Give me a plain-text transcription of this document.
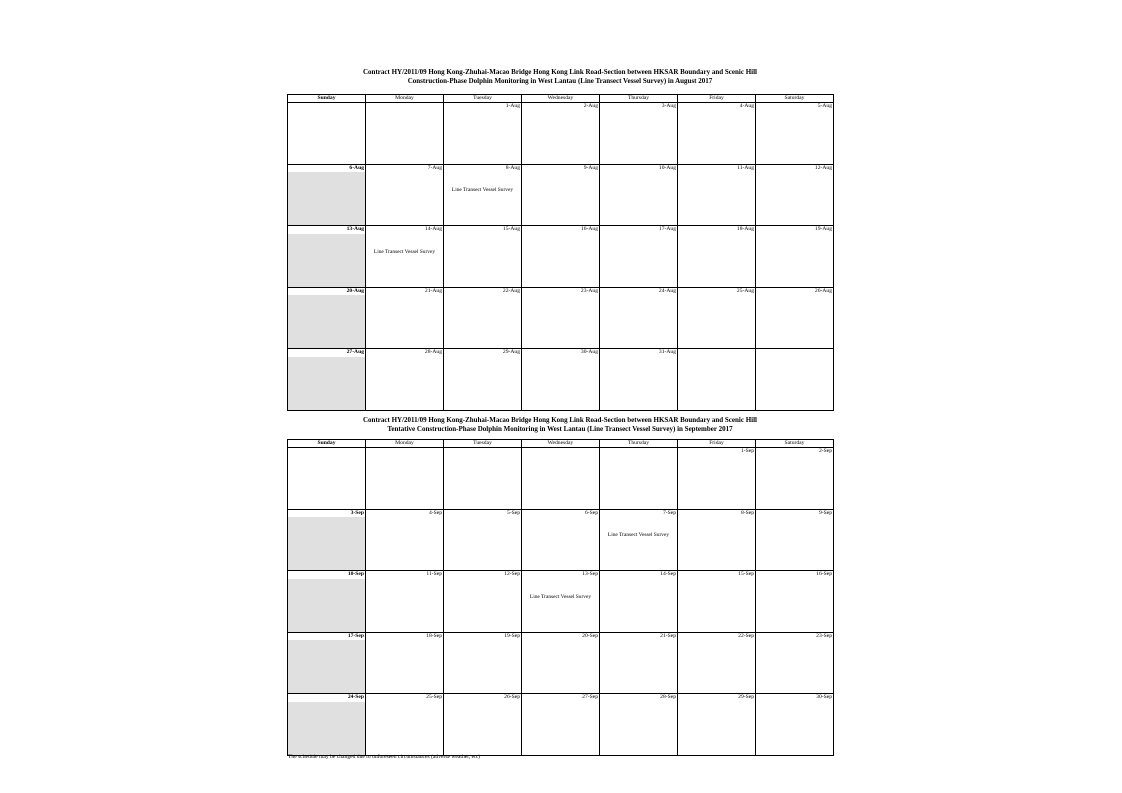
Contract HY/2011/09 Hong Kong-Zhuhai-Macao Bridge Hong Kong Link Road-Section between HKSAR Boundary and Scenic Hill
Construction-Phase Dolphin Monitoring in West Lantau (Line Transect Vessel Survey) in August 2017
Sunday	Monday	Tuesday	Wednesday	Thursday	Friday	Saturday
		1-Aug	2-Aug	3-Aug	4-Aug	5-Aug

6-Aug	7-Aug	8-Aug	9-Aug	10-Aug	11-Aug	12-Aug

		Line Transect Vessel Survey				

13-Aug	14-Aug	15-Aug	16-Aug	17-Aug	18-Aug	19-Aug

	Line Transect Vessel Survey					

20-Aug	21-Aug	22-Aug	23-Aug	24-Aug	25-Aug	26-Aug

27-Aug	28-Aug	29-Aug	30-Aug	31-Aug		

Contract HY/2011/09 Hong Kong-Zhuhai-Macao Bridge Hong Kong Link Road-Section between HKSAR Boundary and Scenic Hill
Tentative Construction-Phase Dolphin Monitoring in West Lantau (Line Transect Vessel Survey) in September 2017
Sunday	Monday	Tuesday	Wednesday	Thursday	Friday	Saturday
					1-Sep	2-Sep

3-Sep	4-Sep	5-Sep	6-Sep	7-Sep	8-Sep	9-Sep

				Line Transect Vessel Survey		

10-Sep	11-Sep	12-Sep	13-Sep	14-Sep	15-Sep	16-Sep

			Line Transect Vessel Survey			

17-Sep	18-Sep	19-Sep	20-Sep	21-Sep	22-Sep	23-Sep

24-Sep	25-Sep	26-Sep	27-Sep	28-Sep	29-Sep	30-Sep

The schedule may be changed due to unforeseen circumstances (adverse weather, etc)
